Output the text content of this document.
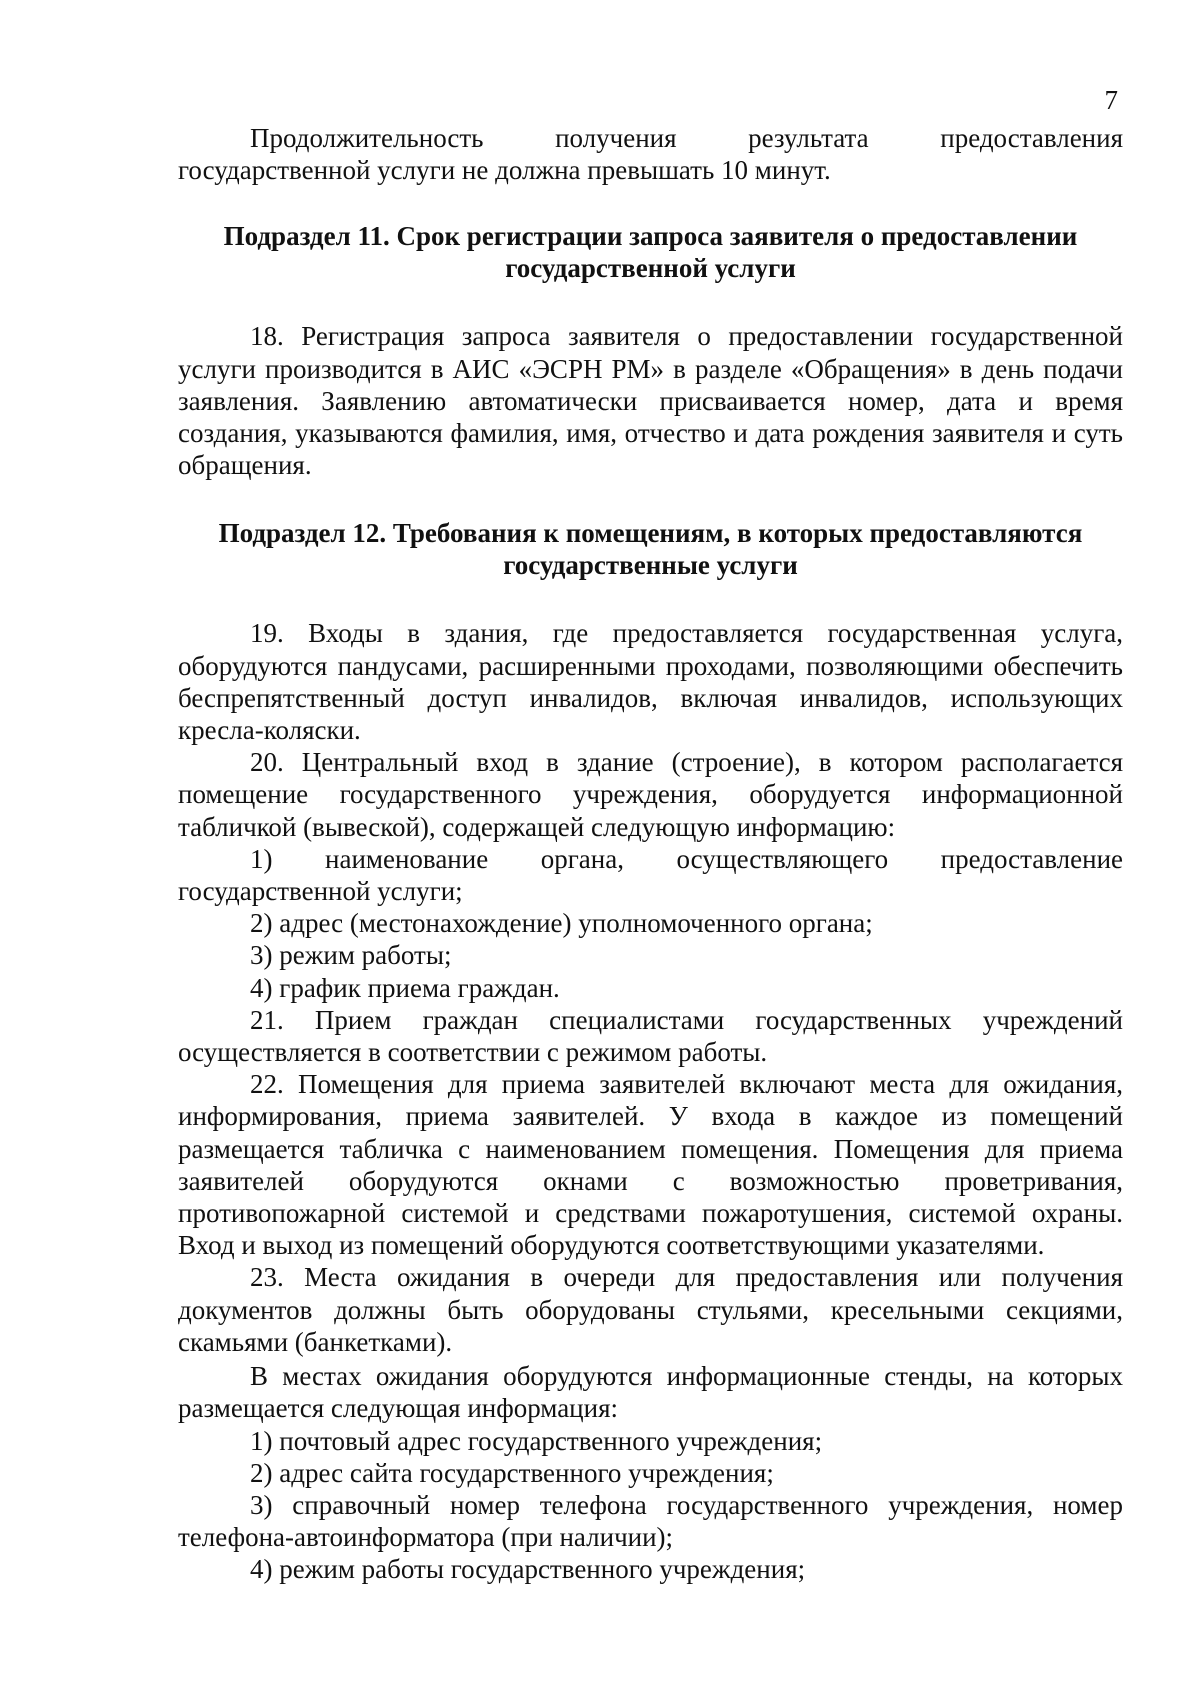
7

Продолжительность получения результата предоставления государственной услуги не должна превышать 10 минут.

Подраздел 11. Срок регистрации запроса заявителя о предоставлении государственной услуги

18. Регистрация запроса заявителя о предоставлении государственной услуги производится в АИС «ЭСРН РМ» в разделе «Обращения» в день подачи заявления. Заявлению автоматически присваивается номер, дата и время создания, указываются фамилия, имя, отчество и дата рождения заявителя и суть обращения.

Подраздел 12. Требования к помещениям, в которых предоставляются государственные услуги

19. Входы в здания, где предоставляется государственная услуга, оборудуются пандусами, расширенными проходами, позволяющими обеспечить беспрепятственный доступ инвалидов, включая инвалидов, использующих кресла-коляски.

20. Центральный вход в здание (строение), в котором располагается помещение государственного учреждения, оборудуется информационной табличкой (вывеской), содержащей следующую информацию:

1) наименование органа, осуществляющего предоставление государственной услуги;

2) адрес (местонахождение) уполномоченного органа;

3) режим работы;

4) график приема граждан.

21. Прием граждан специалистами государственных учреждений осуществляется в соответствии с режимом работы.

22. Помещения для приема заявителей включают места для ожидания, информирования, приема заявителей. У входа в каждое из помещений размещается табличка с наименованием помещения. Помещения для приема заявителей оборудуются окнами с возможностью проветривания, противопожарной системой и средствами пожаротушения, системой охраны. Вход и выход из помещений оборудуются соответствующими указателями.

23. Места ожидания в очереди для предоставления или получения документов должны быть оборудованы стульями, кресельными секциями, скамьями (банкетками).

В местах ожидания оборудуются информационные стенды, на которых размещается следующая информация:

1) почтовый адрес государственного учреждения;

2) адрес сайта государственного учреждения;

3) справочный номер телефона государственного учреждения, номер телефона-автоинформатора (при наличии);

4) режим работы государственного учреждения;
